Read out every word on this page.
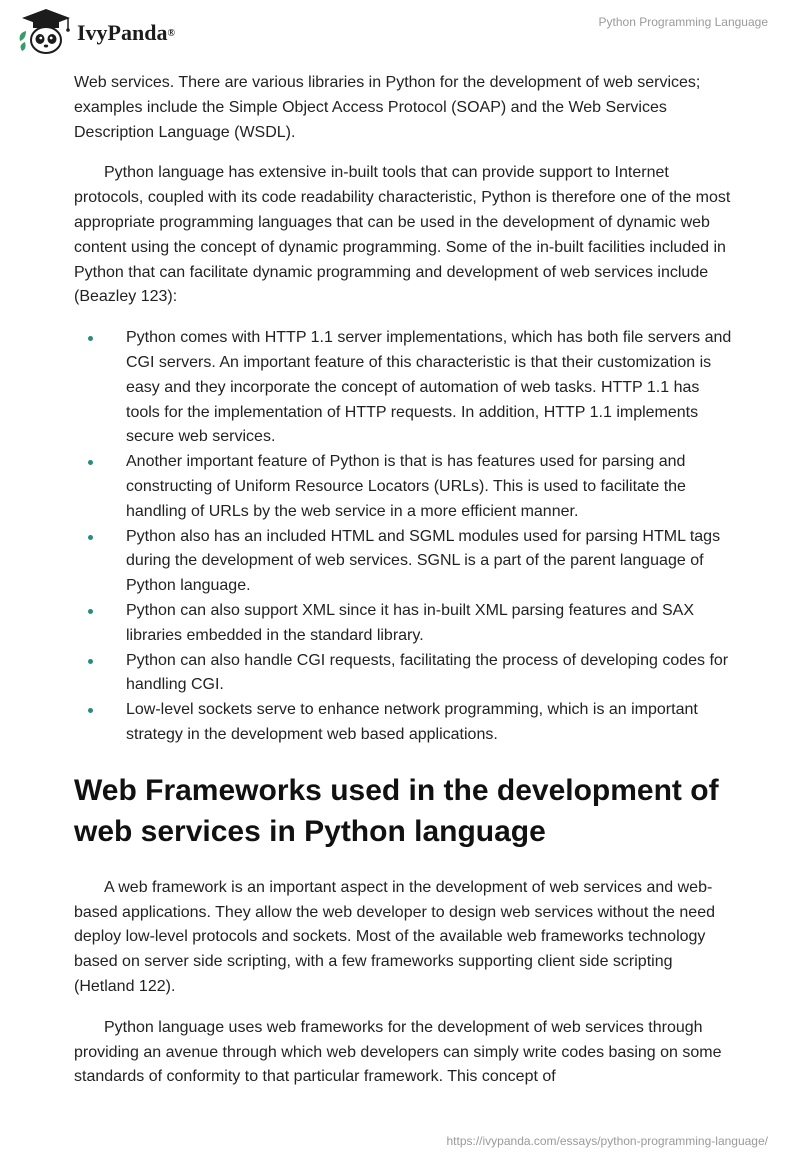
IvyPanda®
Python Programming Language

Web services. There are various libraries in Python for the development of web services; examples include the Simple Object Access Protocol (SOAP) and the Web Services Description Language (WSDL).

Python language has extensive in-built tools that can provide support to Internet protocols, coupled with its code readability characteristic, Python is therefore one of the most appropriate programming languages that can be used in the development of dynamic web content using the concept of dynamic programming. Some of the in-built facilities included in Python that can facilitate dynamic programming and development of web services include (Beazley 123):

Python comes with HTTP 1.1 server implementations, which has both file servers and CGI servers. An important feature of this characteristic is that their customization is easy and they incorporate the concept of automation of web tasks. HTTP 1.1 has tools for the implementation of HTTP requests. In addition, HTTP 1.1 implements secure web services.
Another important feature of Python is that is has features used for parsing and constructing of Uniform Resource Locators (URLs). This is used to facilitate the handling of URLs by the web service in a more efficient manner.
Python also has an included HTML and SGML modules used for parsing HTML tags during the development of web services. SGNL is a part of the parent language of Python language.
Python can also support XML since it has in-built XML parsing features and SAX libraries embedded in the standard library.
Python can also handle CGI requests, facilitating the process of developing codes for handling CGI.
Low-level sockets serve to enhance network programming, which is an important strategy in the development web based applications.
Web Frameworks used in the development of web services in Python language

A web framework is an important aspect in the development of web services and web-based applications. They allow the web developer to design web services without the need deploy low-level protocols and sockets. Most of the available web frameworks technology based on server side scripting, with a few frameworks supporting client side scripting (Hetland 122).

Python language uses web frameworks for the development of web services through providing an avenue through which web developers can simply write codes basing on some standards of conformity to that particular framework. This concept of

https://ivypanda.com/essays/python-programming-language/
